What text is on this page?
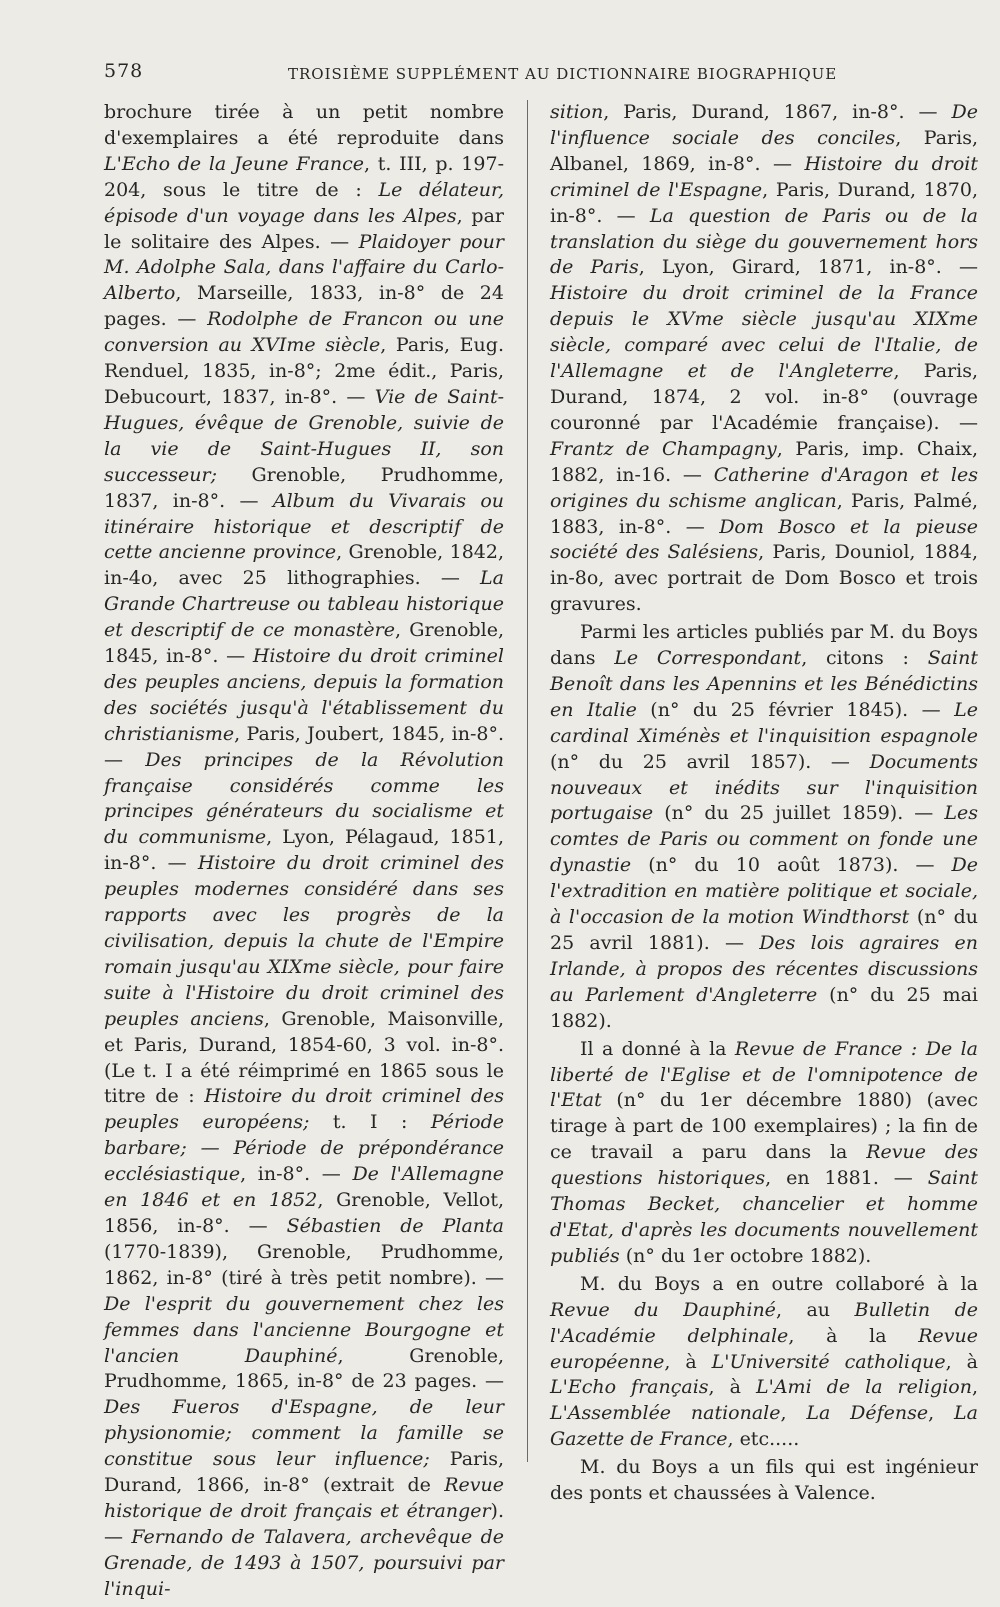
578	TROISIÈME SUPPLÉMENT AU DICTIONNAIRE BIOGRAPHIQUE

brochure tirée à un petit nombre d'exemplaires a été reproduite dans L'Echo de la Jeune France, t. III, p. 197-204, sous le titre de : Le délateur, épisode d'un voyage dans les Alpes, par le solitaire des Alpes. — Plaidoyer pour M. Adolphe Sala, dans l'affaire du Carlo-Alberto, Marseille, 1833, in-8° de 24 pages. — Rodolphe de Francon ou une conversion au XVIme siècle, Paris, Eug. Renduel, 1835, in-8°; 2me édit., Paris, Debucourt, 1837, in-8°. — Vie de Saint-Hugues, évêque de Grenoble, suivie de la vie de Saint-Hugues II, son successeur; Grenoble, Prudhomme, 1837, in-8°. — Album du Vivarais ou itinéraire historique et descriptif de cette ancienne province, Grenoble, 1842, in-4o, avec 25 lithographies. — La Grande Chartreuse ou tableau historique et descriptif de ce monastère, Grenoble, 1845, in-8°. — Histoire du droit criminel des peuples anciens, depuis la formation des sociétés jusqu'à l'établissement du christianisme, Paris, Joubert, 1845, in-8°. — Des principes de la Révolution française considérés comme les principes générateurs du socialisme et du communisme, Lyon, Pélagaud, 1851, in-8°. — Histoire du droit criminel des peuples modernes considéré dans ses rapports avec les progrès de la civilisation, depuis la chute de l'Empire romain jusqu'au XIXme siècle, pour faire suite à l'Histoire du droit criminel des peuples anciens, Grenoble, Maisonville, et Paris, Durand, 1854-60, 3 vol. in-8°. (Le t. I a été réimprimé en 1865 sous le titre de : Histoire du droit criminel des peuples européens; t. I : Période barbare; — Période de prépondérance ecclésiastique, in-8°. — De l'Allemagne en 1846 et en 1852, Grenoble, Vellot, 1856, in-8°. — Sébastien de Planta (1770-1839), Grenoble, Prudhomme, 1862, in-8° (tiré à très petit nombre). — De l'esprit du gouvernement chez les femmes dans l'ancienne Bourgogne et l'ancien Dauphiné, Grenoble, Prudhomme, 1865, in-8° de 23 pages. — Des Fueros d'Espagne, de leur physionomie; comment la famille se constitue sous leur influence; Paris, Durand, 1866, in-8° (extrait de Revue historique de droit français et étranger). — Fernando de Talavera, archevêque de Grenade, de 1493 à 1507, poursuivi par l'inqui-

sition, Paris, Durand, 1867, in-8°. — De l'influence sociale des conciles, Paris, Albanel, 1869, in-8°. — Histoire du droit criminel de l'Espagne, Paris, Durand, 1870, in-8°. — La question de Paris ou de la translation du siège du gouvernement hors de Paris, Lyon, Girard, 1871, in-8°. — Histoire du droit criminel de la France depuis le XVme siècle jusqu'au XIXme siècle, comparé avec celui de l'Italie, de l'Allemagne et de l'Angleterre, Paris, Durand, 1874, 2 vol. in-8° (ouvrage couronné par l'Académie française). — Frantz de Champagny, Paris, imp. Chaix, 1882, in-16. — Catherine d'Aragon et les origines du schisme anglican, Paris, Palmé, 1883, in-8°. — Dom Bosco et la pieuse société des Salésiens, Paris, Douniol, 1884, in-8o, avec portrait de Dom Bosco et trois gravures.

Parmi les articles publiés par M. du Boys dans Le Correspondant, citons : Saint Benoît dans les Apennins et les Bénédictins en Italie (n° du 25 février 1845). — Le cardinal Ximénès et l'inquisition espagnole (n° du 25 avril 1857). — Documents nouveaux et inédits sur l'inquisition portugaise (n° du 25 juillet 1859). — Les comtes de Paris ou comment on fonde une dynastie (n° du 10 août 1873). — De l'extradition en matière politique et sociale, à l'occasion de la motion Windthorst (n° du 25 avril 1881). — Des lois agraires en Irlande, à propos des récentes discussions au Parlement d'Angleterre (n° du 25 mai 1882).

Il a donné à la Revue de France : De la liberté de l'Eglise et de l'omnipotence de l'Etat (n° du 1er décembre 1880) (avec tirage à part de 100 exemplaires) ; la fin de ce travail a paru dans la Revue des questions historiques, en 1881. — Saint Thomas Becket, chancelier et homme d'Etat, d'après les documents nouvellement publiés (n° du 1er octobre 1882).

M. du Boys a en outre collaboré à la Revue du Dauphiné, au Bulletin de l'Académie delphinale, à la Revue européenne, à L'Université catholique, à L'Echo français, à L'Ami de la religion, L'Assemblée nationale, La Défense, La Gazette de France, etc.....

M. du Boys a un fils qui est ingénieur des ponts et chaussées à Valence.
